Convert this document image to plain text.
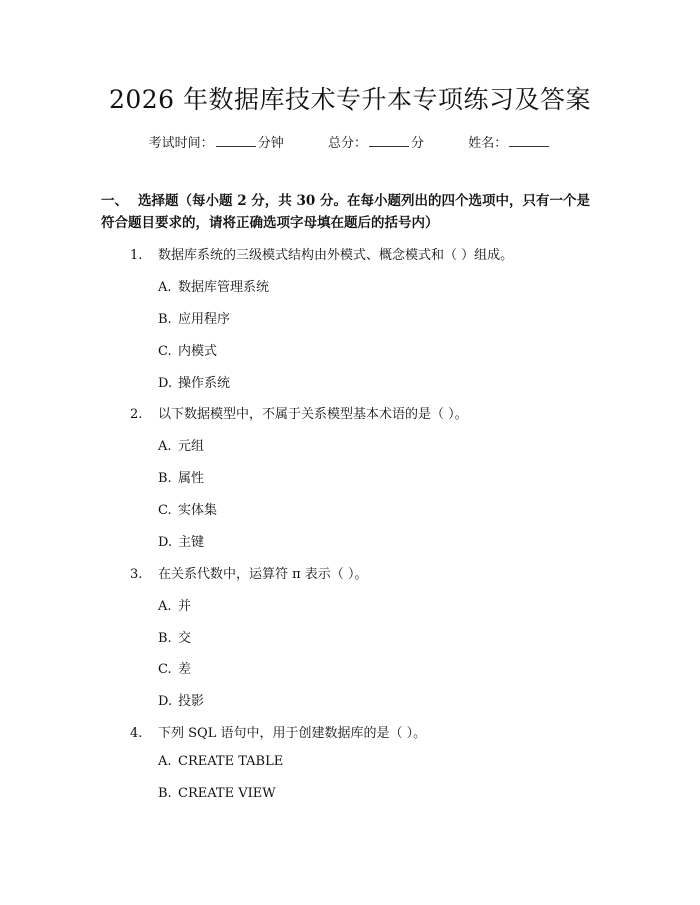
2026 年数据库技术专升本专项练习及答案
考试时间：	分钟	总分：	分	姓名：
一、 选择题（每小题 2 分，共 30 分。在每小题列出的四个选项中，只有一个是符合题目要求的，请将正确选项字母填在题后的括号内）
1. 数据库系统的三级模式结构由外模式、概念模式和（ ）组成。
A. 数据库管理系统
B. 应用程序
C. 内模式
D. 操作系统
2. 以下数据模型中，不属于关系模型基本术语的是（ ）。
A. 元组
B. 属性
C. 实体集
D. 主键
3. 在关系代数中，运算符 π 表示（ ）。
A. 并
B. 交
C. 差
D. 投影
4. 下列 SQL 语句中，用于创建数据库的是（ ）。
A. CREATE TABLE
B. CREATE VIEW
